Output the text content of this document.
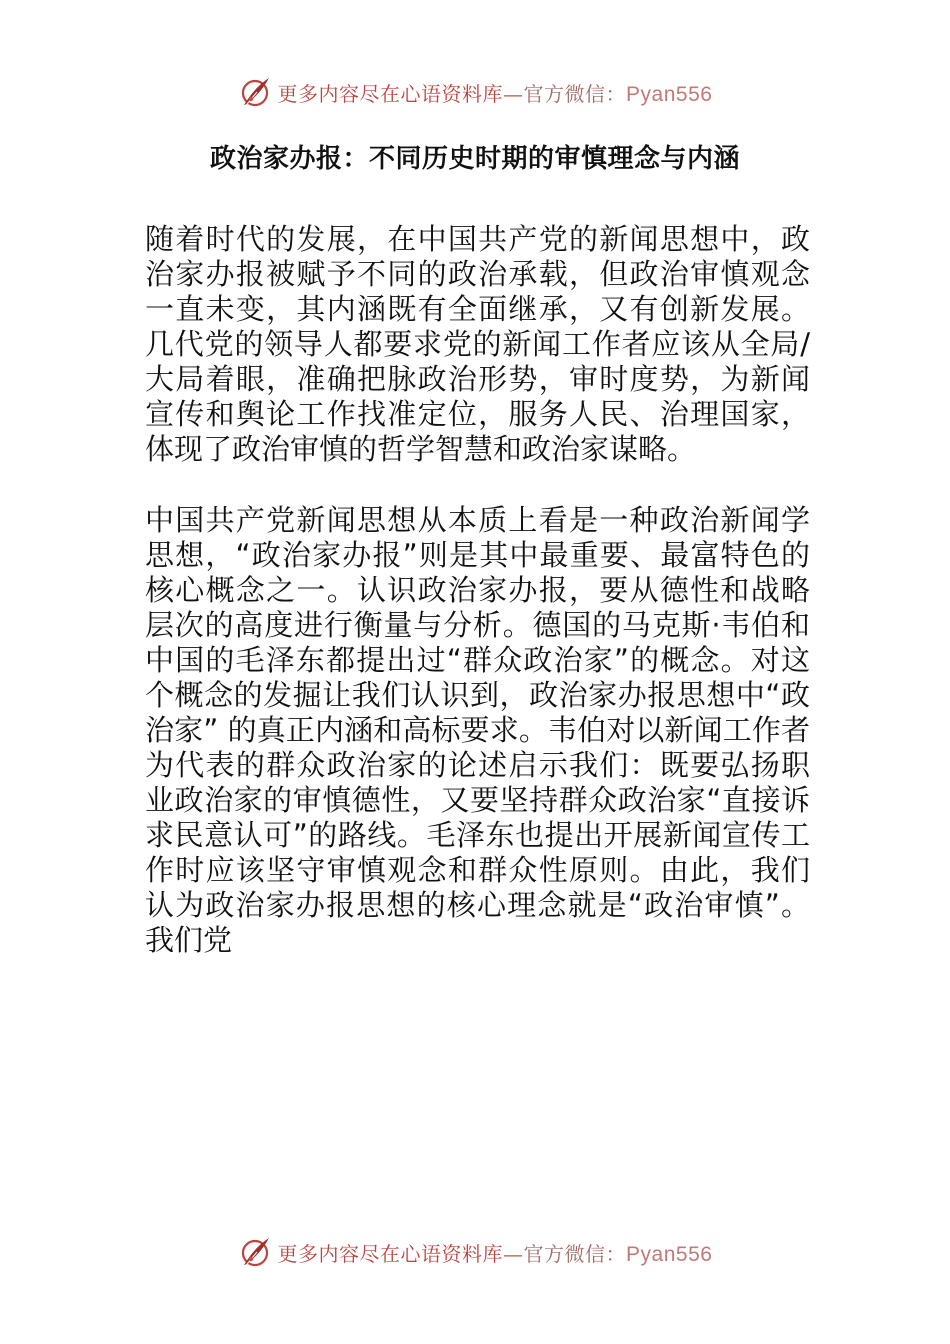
更多内容尽在心语资料库—官方微信：Pyan556
政治家办报：不同历史时期的审慎理念与内涵

随着时代的发展，在中国共产党的新闻思想中，政治家办报被赋予不同的政治承载，但政治审慎观念一直未变，其内涵既有全面继承，又有创新发展。几代党的领导人都要求党的新闻工作者应该从全局/ 大局着眼，准确把脉政治形势，审时度势，为新闻宣传和舆论工作找准定位，服务人民、治理国家， 体现了政治审慎的哲学智慧和政治家谋略。

中国共产党新闻思想从本质上看是一种政治新闻学思想，“政治家办报”则是其中最重要、最富特色的核心概念之一。认识政治家办报，要从德性和战略层次的高度进行衡量与分析。德国的马克斯·韦伯和中国的毛泽东都提出过“群众政治家”的概念。对这个概念的发掘让我们认识到，政治家办报思想中“政治家” 的真正内涵和高标要求。韦伯对以新闻工作者为代表的群众政治家的论述启示我们：既要弘扬职业政治家的审慎德性，又要坚持群众政治家“直接诉求民意认可”的路线。毛泽东也提出开展新闻宣传工作时应该坚守审慎观念和群众性原则。由此，我们认为政治家办报思想的核心理念就是“政治审慎”。我们党

更多内容尽在心语资料库—官方微信：Pyan556
